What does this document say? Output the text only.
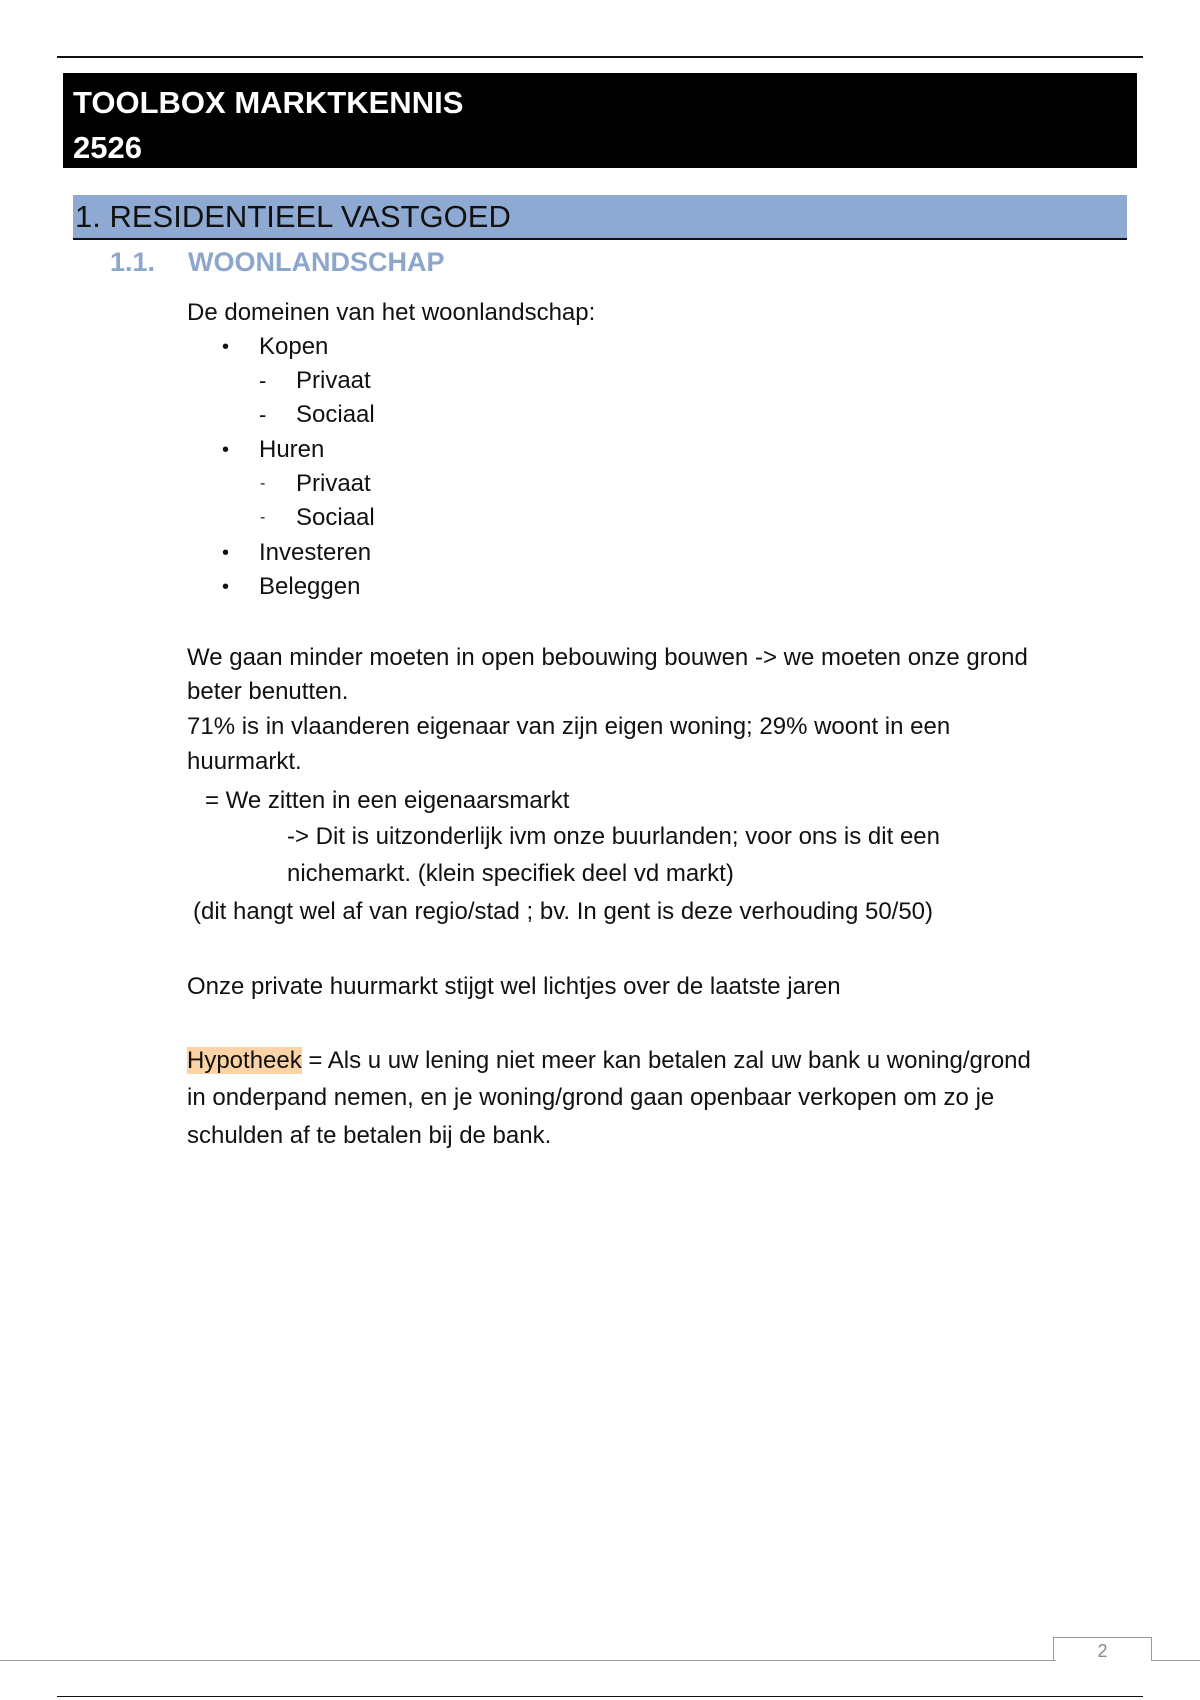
TOOLBOX MARKTKENNIS
2526
1. RESIDENTIEEL VASTGOED
1.1. WOONLANDSCHAP
De domeinen van het woonlandschap:
• Kopen
- Privaat
- Sociaal
• Huren
- Privaat
- Sociaal
• Investeren
• Beleggen
We gaan minder moeten in open bebouwing bouwen -> we moeten onze grond
beter benutten.
71% is in vlaanderen eigenaar van zijn eigen woning; 29% woont in een
huurmarkt.
= We zitten in een eigenaarsmarkt
-> Dit is uitzonderlijk ivm onze buurlanden; voor ons is dit een
nichemarkt. (klein specifiek deel vd markt)
(dit hangt wel af van regio/stad ; bv. In gent is deze verhouding 50/50)
Onze private huurmarkt stijgt wel lichtjes over de laatste jaren
Hypotheek = Als u uw lening niet meer kan betalen zal uw bank u woning/grond
in onderpand nemen, en je woning/grond gaan openbaar verkopen om zo je
schulden af te betalen bij de bank.
2
